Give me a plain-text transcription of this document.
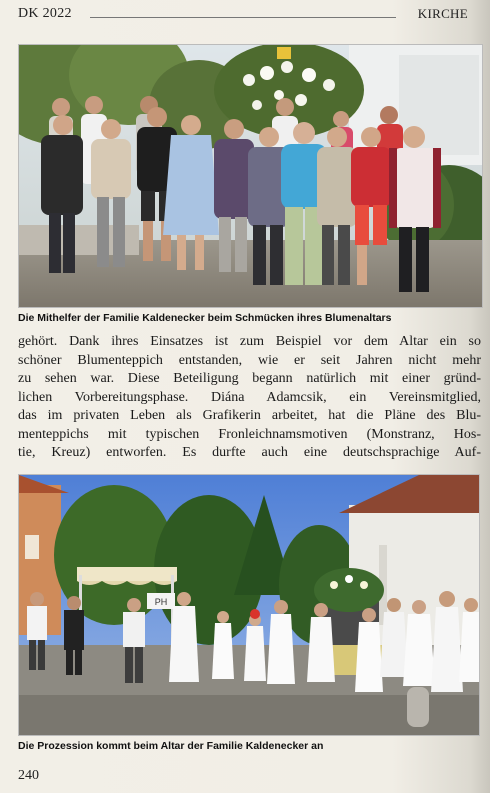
DK 2022	KIRCHE
Die Mithelfer der Familie Kaldenecker beim Schmücken ihres Blumenaltars
gehört. Dank ihres Einsatzes ist zum Beispiel vor dem Altar ein so
schöner Blumenteppich entstanden, wie er seit Jahren nicht mehr
zu sehen war. Diese Beteiligung begann natürlich mit einer gründ-
lichen Vorbereitungsphase. Diána Adamcsik, ein Vereinsmitglied,
das im privaten Leben als Grafikerin arbeitet, hat die Pläne des Blu-
menteppichs mit typischen Fronleichnamsmotiven (Monstranz, Hos-
tie, Kreuz) entworfen. Es durfte auch eine deutschsprachige Auf-
PH
Die Prozession kommt beim Altar der Familie Kaldenecker an
240
